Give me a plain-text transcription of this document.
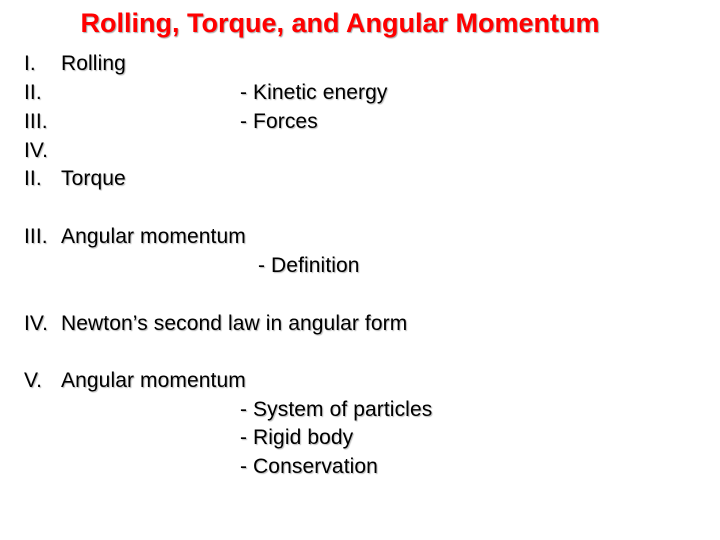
Rolling, Torque, and Angular Momentum
I.
II.
III.
IV.
II.
III.
IV.
V.
Rolling
- Kinetic energy
- Forces
Torque
Angular momentum
- Definition
Newton’s second law in angular form
Angular momentum
- System of particles
- Rigid body
- Conservation
